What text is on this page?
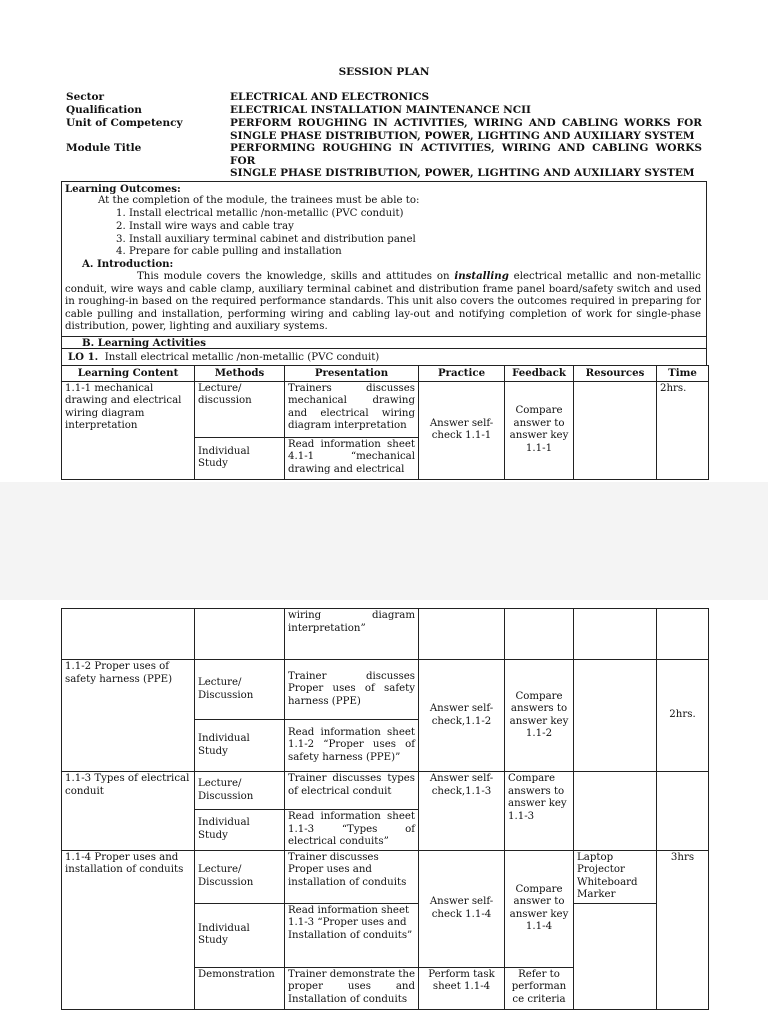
SESSION PLAN
Sector	ELECTRICAL AND ELECTRONICS
Qualification	ELECTRICAL INSTALLATION MAINTENANCE NCII
Unit of Competency	PERFORM ROUGHING IN ACTIVITIES, WIRING AND CABLING WORKS FOR
SINGLE PHASE DISTRIBUTION, POWER, LIGHTING AND AUXILIARY SYSTEM
Module Title	PERFORMING ROUGHING IN ACTIVITIES, WIRING AND CABLING WORKS FOR
SINGLE PHASE DISTRIBUTION, POWER, LIGHTING AND AUXILIARY SYSTEM
Learning Outcomes:
At the completion of the module, the trainees must be able to:
1. Install electrical metallic /non-metallic (PVC conduit)
2. Install wire ways and cable tray
3. Install auxiliary terminal cabinet and distribution panel
4. Prepare for cable pulling and installation
A. Introduction:
This module covers the knowledge, skills and attitudes on installing electrical metallic and non-metallic conduit, wire ways and cable clamp, auxiliary terminal cabinet and distribution frame panel board/safety switch and used in roughing-in based on the required performance standards. This unit also covers the outcomes required in preparing for cable pulling and installation, performing wiring and cabling lay-out and notifying completion of work for single-phase distribution, power, lighting and auxiliary systems.
B. Learning Activities
LO 1. Install electrical metallic /non-metallic (PVC conduit)
Learning Content	Methods	Presentation	Practice	Feedback	Resources	Time
1.1-1 mechanical drawing and electrical wiring diagram interpretation	Lecture/ discussion	Trainers discusses mechanical drawing and electrical wiring diagram interpretation	Answer self-check 1.1-1	Compare answer to answer key 1.1-1		2hrs.
	Individual Study	Read information sheet 4.1-1 “mechanical drawing and electrical				
		wiring diagram interpretation”				
1.1-2 Proper uses of safety harness (PPE)	Lecture/ Discussion	Trainer discusses Proper uses of safety harness (PPE)	Answer self-check,1.1-2	Compare answers to answer key 1.1-2		2hrs.
	Individual Study	Read information sheet 1.1-2 “Proper uses of safety harness (PPE)”				
1.1-3 Types of electrical conduit	Lecture/ Discussion	Trainer discusses types of electrical conduit	Answer self-check,1.1-3	Compare answers to answer key 1.1-3		
	Individual Study	Read information sheet 1.1-3 “Types of electrical conduits”				
1.1-4 Proper uses and installation of conduits	Lecture/ Discussion	Trainer discusses Proper uses and installation of conduits	Answer self-check 1.1-4	Compare answer to answer key 1.1-4	Laptop
Projector
Whiteboard
Marker	3hrs
	Individual Study	Read information sheet 1.1-3 “Proper uses and Installation of conduits”				
	Demonstration	Trainer demonstrate the proper uses and Installation of conduits	Perform task sheet 1.1-4	Refer to performan ce criteria		
